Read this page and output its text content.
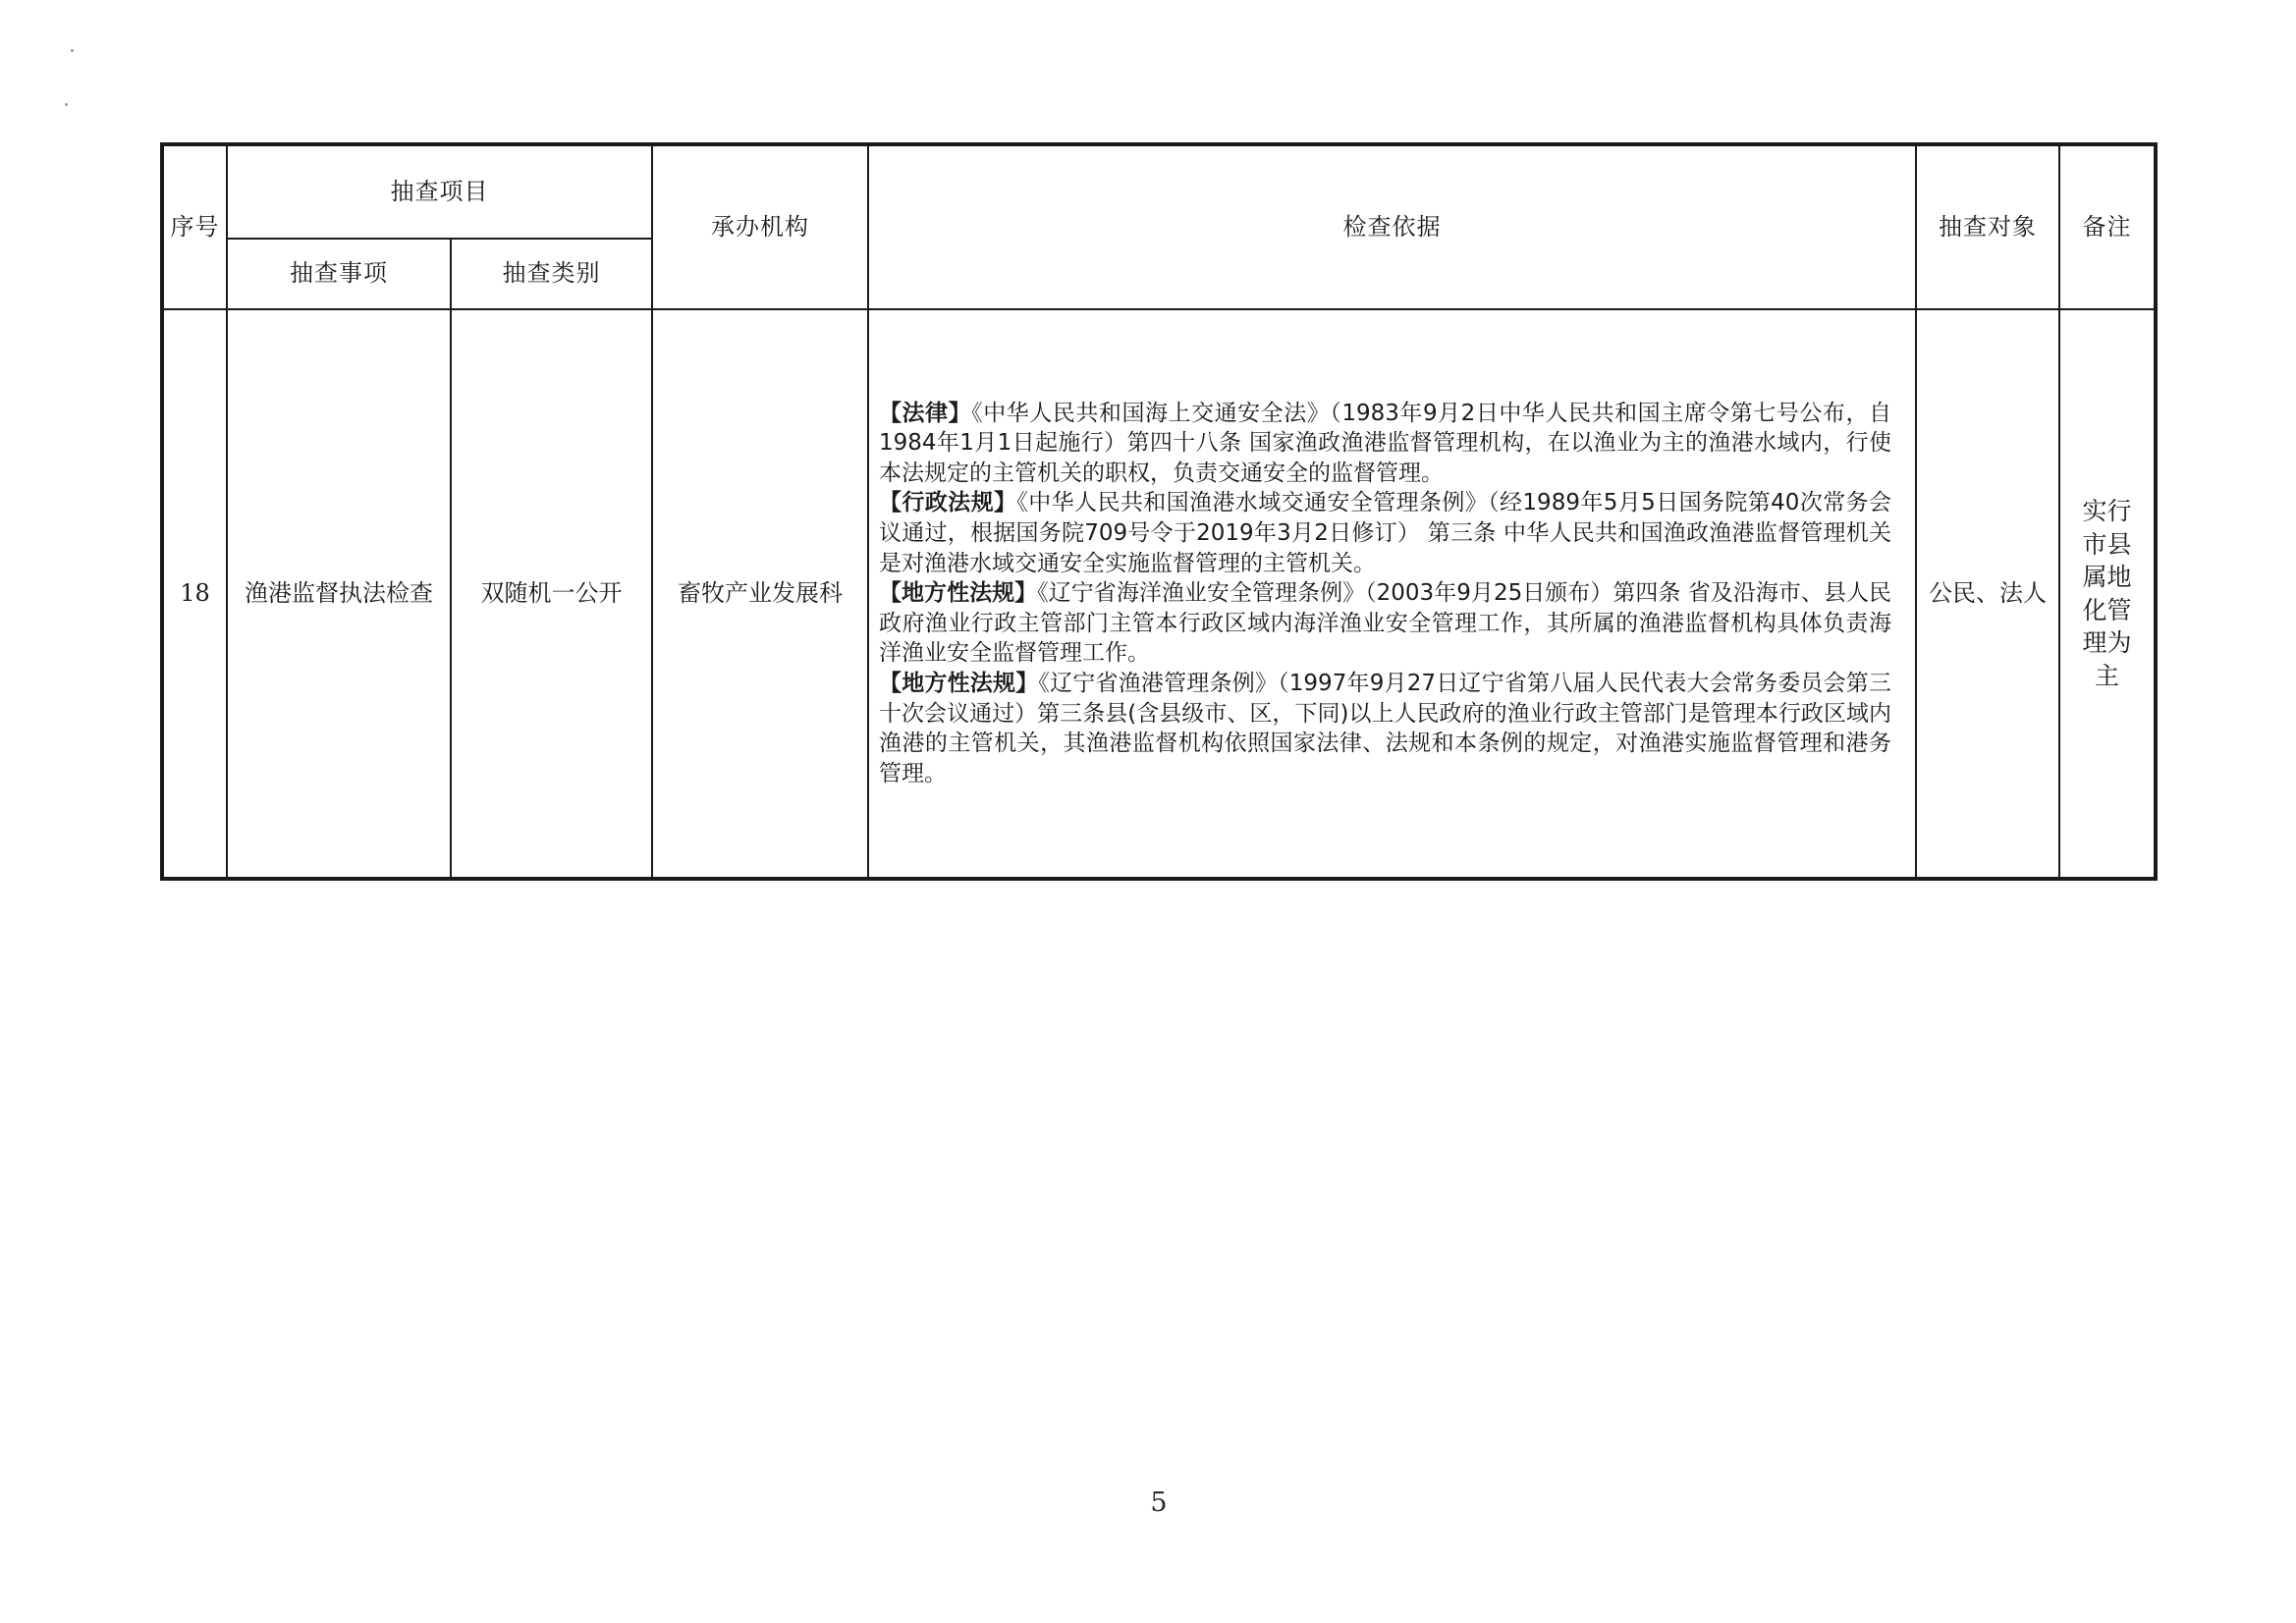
序号	抽查项目		承办机构	检查依据	抽查对象	备注
	抽查事项	抽查类别				
18	渔港监督执法检查	双随机一公开	畜牧产业发展科	【法律】《中华人民共和国海上交通安全法》（1983年9月2日中华人民共和国主席令第七号公布，自1984年1月1日起施行）第四十八条 国家渔政渔港监督管理机构，在以渔业为主的渔港水域内，行使本法规定的主管机关的职权，负责交通安全的监督管理。
【行政法规】《中华人民共和国渔港水域交通安全管理条例》（经1989年5月5日国务院第40次常务会议通过，根据国务院709号令于2019年3月2日修订） 第三条 中华人民共和国渔政渔港监督管理机关是对渔港水域交通安全实施监督管理的主管机关。
【地方性法规】《辽宁省海洋渔业安全管理条例》（2003年9月25日颁布）第四条 省及沿海市、县人民政府渔业行政主管部门主管本行政区域内海洋渔业安全管理工作，其所属的渔港监督机构具体负责海洋渔业安全监督管理工作。
【地方性法规】《辽宁省渔港管理条例》（1997年9月27日辽宁省第八届人民代表大会常务委员会第三十次会议通过）第三条县(含县级市、区，下同)以上人民政府的渔业行政主管部门是管理本行政区域内渔港的主管机关，其渔港监督机构依照国家法律、法规和本条例的规定，对渔港实施监督管理和港务管理。	公民、法人	实行市县属地化管理为主
5
